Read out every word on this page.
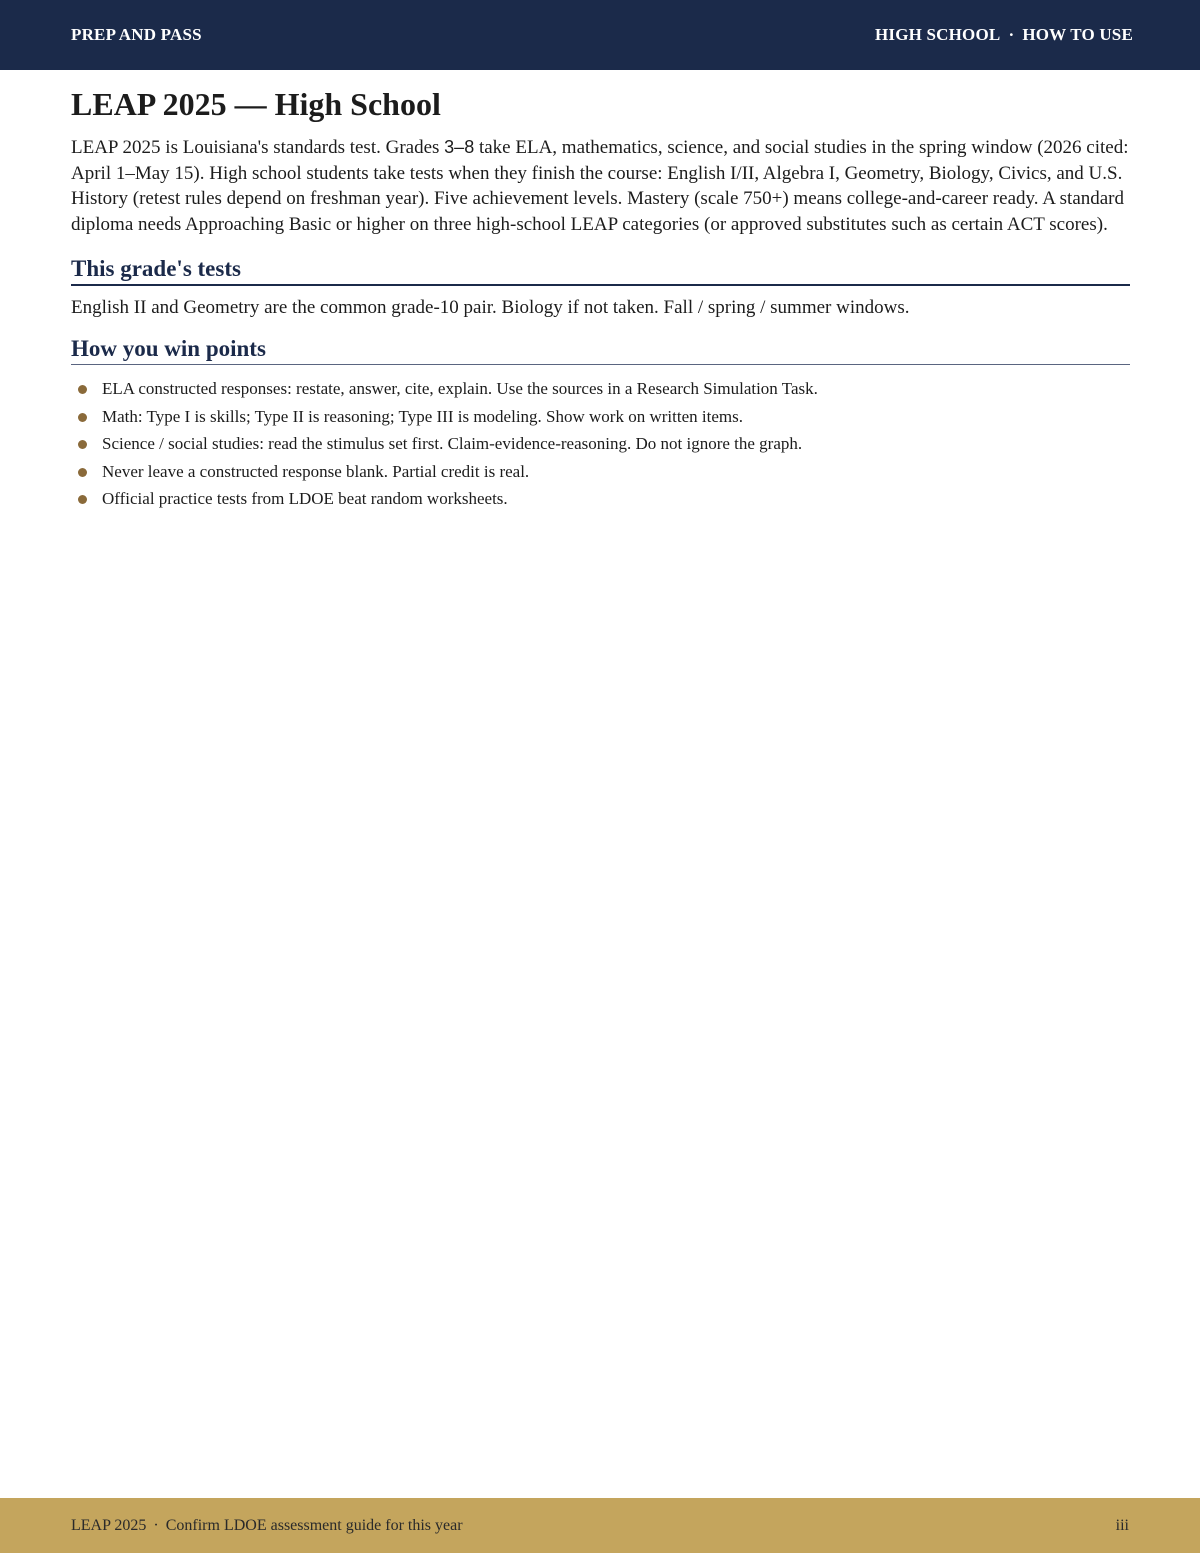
PREP AND PASS	HIGH SCHOOL · HOW TO USE
LEAP 2025 — High School

LEAP 2025 is Louisiana's standards test. Grades 3–8 take ELA, mathematics, science, and social studies in the spring window (2026 cited: April 1–May 15). High school students take tests when they finish the course: English I/II, Algebra I, Geometry, Biology, Civics, and U.S. History (retest rules depend on freshman year). Five achievement levels. Mastery (scale 750+) means college-and-career ready. A standard diploma needs Approaching Basic or higher on three high-school LEAP categories (or approved substitutes such as certain ACT scores).

This grade's tests

English II and Geometry are the common grade-10 pair. Biology if not taken. Fall / spring / summer windows.

How you win points
ELA constructed responses: restate, answer, cite, explain. Use the sources in a Research Simulation Task.
Math: Type I is skills; Type II is reasoning; Type III is modeling. Show work on written items.
Science / social studies: read the stimulus set first. Claim-evidence-reasoning. Do not ignore the graph.
Never leave a constructed response blank. Partial credit is real.
Official practice tests from LDOE beat random worksheets.
LEAP 2025 · Confirm LDOE assessment guide for this year	iii
